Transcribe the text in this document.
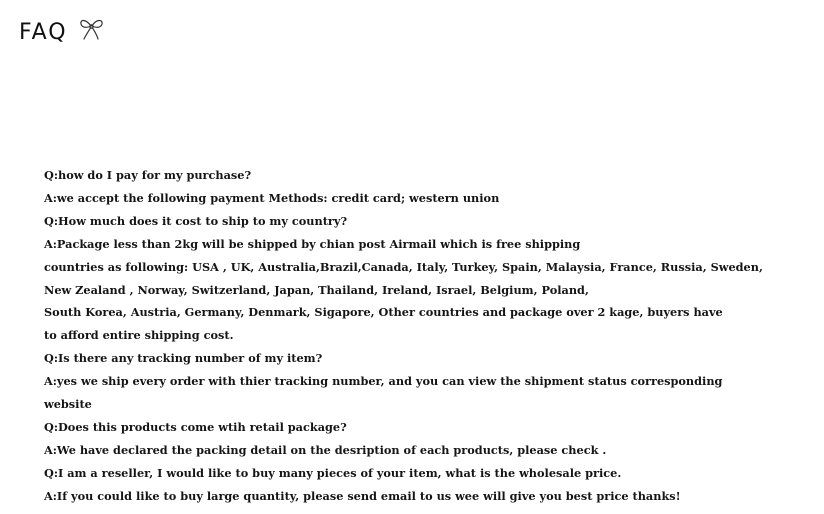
FAQ
Q:how do I pay for my purchase?
A:we accept the following payment Methods: credit card; western union
Q:How much does it cost to ship to my country?
A:Package less than 2kg will be shipped by chian post Airmail which is free shipping
countries as following: USA , UK, Australia,Brazil,Canada, Italy, Turkey, Spain, Malaysia, France, Russia, Sweden,
New Zealand , Norway, Switzerland, Japan, Thailand, Ireland, Israel, Belgium, Poland,
South Korea, Austria, Germany, Denmark, Sigapore, Other countries and package over 2 kage, buyers have
to afford entire shipping cost.
Q:Is there any tracking number of my item?
A:yes we ship every order with thier tracking number, and you can view the shipment status corresponding
website
Q:Does this products come wtih retail package?
A:We have declared the packing detail on the desription of each products, please check .
Q:I am a reseller, I would like to buy many pieces of your item, what is the wholesale price.
A:If you could like to buy large quantity, please send email to us wee will give you best price thanks!
